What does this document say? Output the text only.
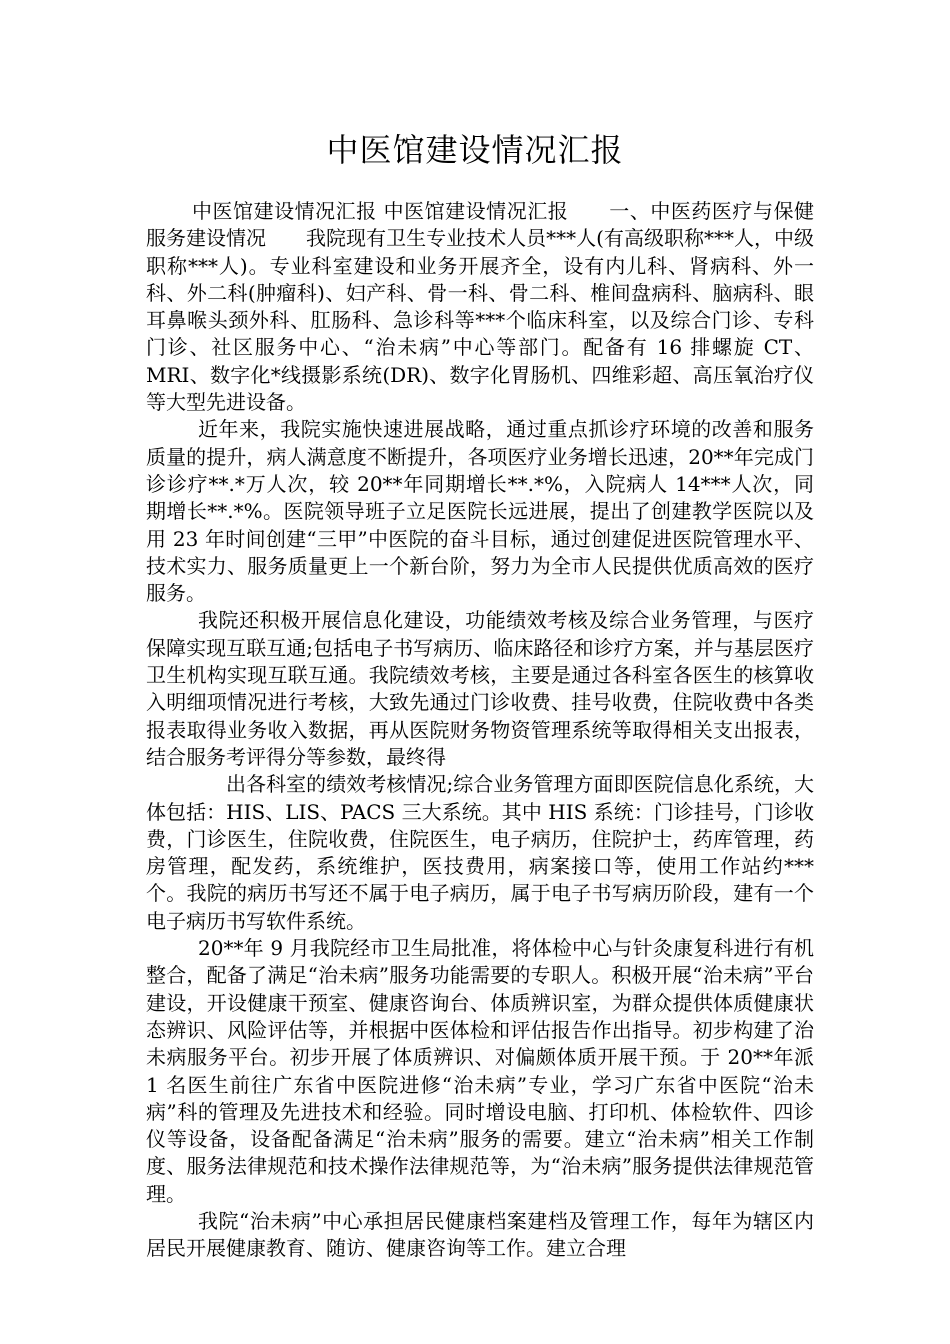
中医馆建设情况汇报

中医馆建设情况汇报 中医馆建设情况汇报　　一、中医药医疗与保健服务建设情况　　我院现有卫生专业技术人员***人(有高级职称***人，中级职称***人)。专业科室建设和业务开展齐全，设有内儿科、肾病科、外一科、外二科(肿瘤科)、妇产科、骨一科、骨二科、椎间盘病科、脑病科、眼耳鼻喉头颈外科、肛肠科、急诊科等***个临床科室，以及综合门诊、专科门诊、社区服务中心、“治未病”中心等部门。配备有 16 排螺旋 CT、MRI、数字化*线摄影系统(DR)、数字化胃肠机、四维彩超、高压氧治疗仪等大型先进设备。

近年来，我院实施快速进展战略，通过重点抓诊疗环境的改善和服务质量的提升，病人满意度不断提升，各项医疗业务增长迅速，20**年完成门诊诊疗**.*万人次，较 20**年同期增长**.*%，入院病人 14***人次，同　　期增长**.*%。医院领导班子立足医院长远进展，提出了创建教学医院以及用 23 年时间创建“三甲”中医院的奋斗目标，通过创建促进医院管理水平、技术实力、服务质量更上一个新台阶，努力为全市人民提供优质高效的医疗服务。

我院还积极开展信息化建设，功能绩效考核及综合业务管理，与医疗保障实现互联互通;包括电子书写病历、临床路径和诊疗方案，并与基层医疗卫生机构实现互联互通。我院绩效考核，主要是通过各科室各医生的核算收入明细项情况进行考核，大致先通过门诊收费、挂号收费，住院收费中各类报表取得业务收入数据，再从医院财务物资管理系统等取得相关支出报表，结合服务考评得分等参数，最终得

出各科室的绩效考核情况;综合业务管理方面即医院信息化系统，大体包括：HIS、LIS、PACS 三大系统。其中 HIS 系统：门诊挂号，门诊收费，门诊医生，住院收费，住院医生，电子病历，住院护士，药库管理，药房管理，配发药，系统维护，医技费用，病案接口等，使用工作站约***个。我院的病历书写还不属于电子病历，属于电子书写病历阶段，建有一个电子病历书写软件系统。

20**年 9 月我院经市卫生局批准，将体检中心与针灸康复科进行有机整合，配备了满足“治未病”服务功能需要的专职人。积极开展“治未病”平台建设，开设健康干预室、健康咨询台、体质辨识室，为群众提供体质健康状态辨识、风险评估等，并根据中医体检和评估报告作出指导。初步构建了治未病服务平台。初步开展了体质辨识、对偏颇体质开展干预。于 20**年派 1 名医生前往广东省中医院进修“治未病”专业，学习广东省中医院“治未病”科的管理及先进技术和经验。同时增设电脑、打印机、体检软件、四诊仪等设备，设备配备满足“治未病”服务的需要。建立“治未病”相关工作制度、服务法律规范和技术操作法律规范等，为“治未病”服务提供法律规范管理。

我院“治未病”中心承担居民健康档案建档及管理工作，每年为辖区内居民开展健康教育、随访、健康咨询等工作。建立合理
